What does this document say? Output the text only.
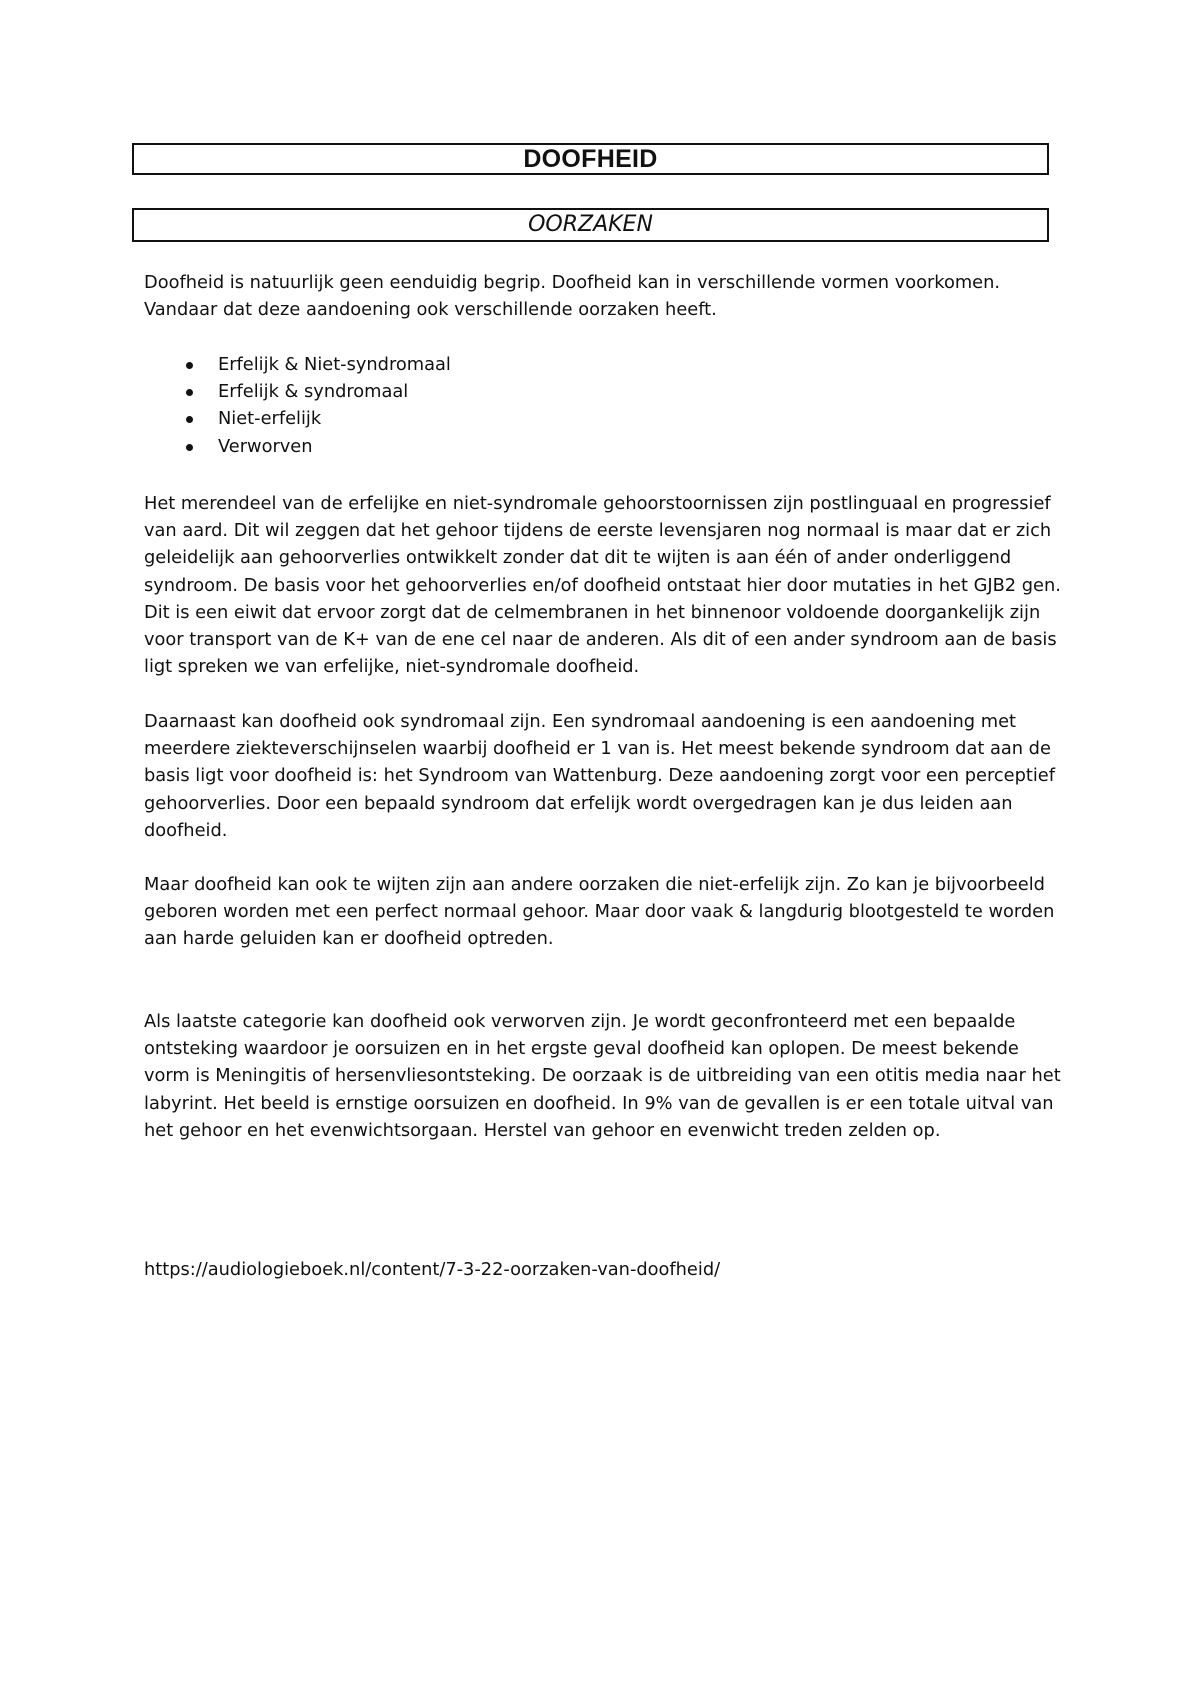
DOOFHEID
OORZAKEN

Doofheid is natuurlijk geen eenduidig begrip. Doofheid kan in verschillende vormen voorkomen. Vandaar dat deze aandoening ook verschillende oorzaken heeft.

Erfelijk & Niet-syndromaal
Erfelijk & syndromaal
Niet-erfelijk
Verworven

Het merendeel van de erfelijke en niet-syndromale gehoorstoornissen zijn postlinguaal en progressief van aard. Dit wil zeggen dat het gehoor tijdens de eerste levensjaren nog normaal is maar dat er zich geleidelijk aan gehoorverlies ontwikkelt zonder dat dit te wijten is aan één of ander onderliggend syndroom. De basis voor het gehoorverlies en/of doofheid ontstaat hier door mutaties in het GJB2 gen. Dit is een eiwit dat ervoor zorgt dat de celmembranen in het binnenoor voldoende doorgankelijk zijn voor transport van de K+ van de ene cel naar de anderen. Als dit of een ander syndroom aan de basis ligt spreken we van erfelijke, niet-syndromale doofheid.

Daarnaast kan doofheid ook syndromaal zijn. Een syndromaal aandoening is een aandoening met meerdere ziekteverschijnselen waarbij doofheid er 1 van is. Het meest bekende syndroom dat aan de basis ligt voor doofheid is: het Syndroom van Wattenburg. Deze aandoening zorgt voor een perceptief gehoorverlies. Door een bepaald syndroom dat erfelijk wordt overgedragen kan je dus leiden aan doofheid.

Maar doofheid kan ook te wijten zijn aan andere oorzaken die niet-erfelijk zijn. Zo kan je bijvoorbeeld geboren worden met een perfect normaal gehoor. Maar door vaak & langdurig blootgesteld te worden aan harde geluiden kan er doofheid optreden.

Als laatste categorie kan doofheid ook verworven zijn. Je wordt geconfronteerd met een bepaalde ontsteking waardoor je oorsuizen en in het ergste geval doofheid kan oplopen. De meest bekende vorm is Meningitis of hersenvliesontsteking. De oorzaak is de uitbreiding van een otitis media naar het labyrint. Het beeld is ernstige oorsuizen en doofheid. In 9% van de gevallen is er een totale uitval van het gehoor en het evenwichtsorgaan. Herstel van gehoor en evenwicht treden zelden op.

https://audiologieboek.nl/content/7-3-22-oorzaken-van-doofheid/
